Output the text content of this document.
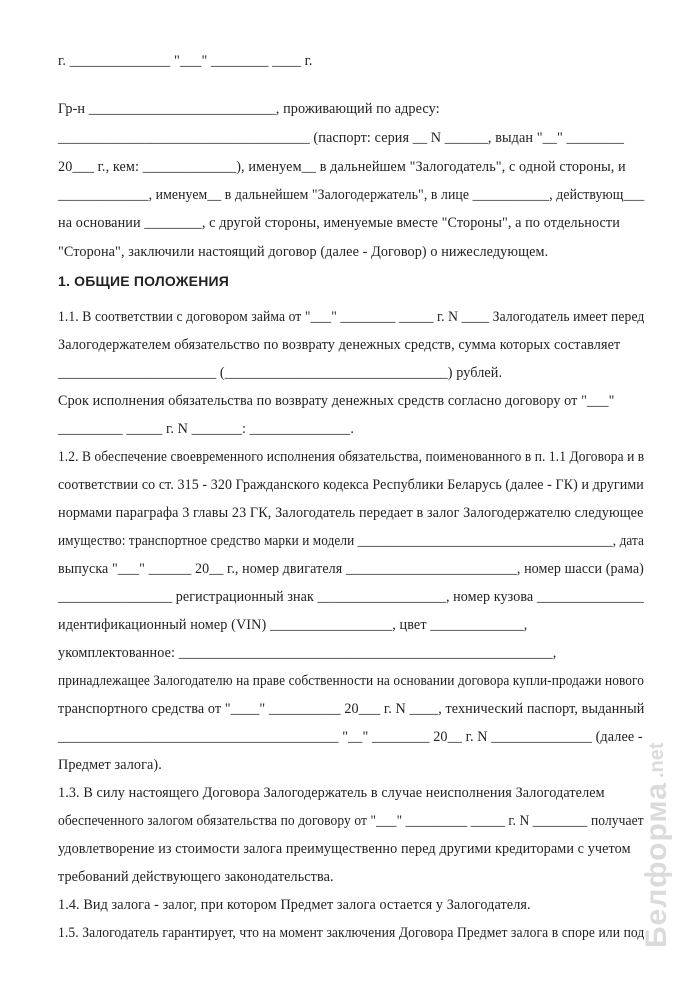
г. ______________ "___" ________ ____ г.
Гр-н __________________________, проживающий по адресу:
___________________________________ (паспорт: серия __ N ______, выдан "__" ________
20___ г., кем: _____________), именуем__ в дальнейшем "Залогодатель", с одной стороны, и
_____________, именуем__ в дальнейшем "Залогодержатель", в лице ___________, действующ___
на основании ________, с другой стороны, именуемые вместе "Стороны", а по отдельности
"Сторона", заключили настоящий договор (далее - Договор) о нижеследующем.
1. ОБЩИЕ ПОЛОЖЕНИЯ
1.1. В соответствии с договором займа от "___" ________ _____ г. N ____ Залогодатель имеет перед
Залогодержателем обязательство по возврату денежных средств, сумма которых составляет
______________________ (_______________________________) рублей.
Срок исполнения обязательства по возврату денежных средств согласно договору от "___"
_________ _____ г. N _______: ______________.
1.2. В обеспечение своевременного исполнения обязательства, поименованного в п. 1.1 Договора и в
соответствии со ст. 315 - 320 Гражданского кодекса Республики Беларусь (далее - ГК) и другими
нормами параграфа 3 главы 23 ГК, Залогодатель передает в залог Залогодержателю следующее
имущество: транспортное средство марки и модели ______________________________________, дата
выпуска "___" ______ 20__ г., номер двигателя ________________________, номер шасси (рама)
________________ регистрационный знак __________________, номер кузова _______________
идентификационный номер (VIN) _________________, цвет _____________,
укомплектованное: ____________________________________________________,
принадлежащее Залогодателю на праве собственности на основании договора купли-продажи нового
транспортного средства от "____" __________ 20___ г. N ____, технический паспорт, выданный
_______________________________________ "__" ________ 20__ г. N ______________ (далее -
Предмет залога).
1.3. В силу настоящего Договора Залогодержатель в случае неисполнения Залогодателем
обеспеченного залогом обязательства по договору от "___" _________ _____ г. N ________ получает
удовлетворение из стоимости залога преимущественно перед другими кредиторами с учетом
требований действующего законодательства.
1.4. Вид залога - залог, при котором Предмет залога остается у Залогодателя.
1.5. Залогодатель гарантирует, что на момент заключения Договора Предмет залога в споре или под
Белформа
.net
